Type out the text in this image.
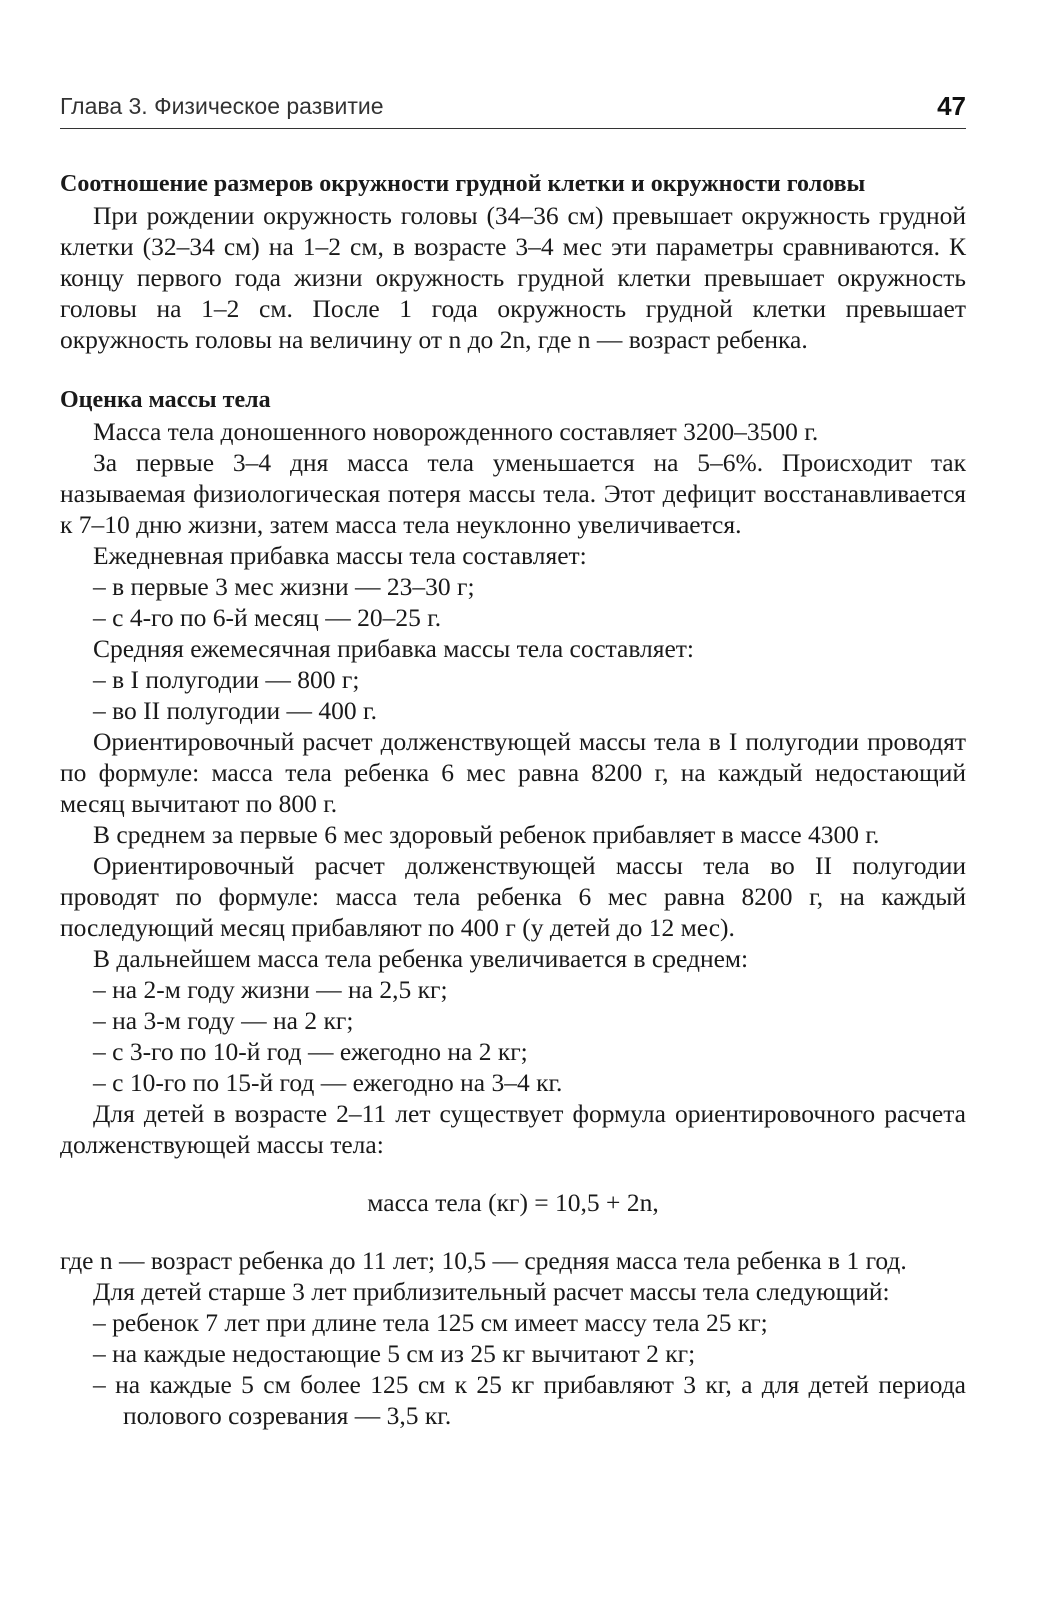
Глава 3. Физическое развитие	47
Соотношение размеров окружности грудной клетки и окружности головы

При рождении окружность головы (34–36 см) превышает окружность грудной клетки (32–34 см) на 1–2 см, в возрасте 3–4 мес эти параметры сравниваются. К концу первого года жизни окружность грудной клетки превышает окружность головы на 1–2 см. После 1 года окружность грудной клетки превышает окружность головы на величину от n до 2n, где n — возраст ребенка.

Оценка массы тела

Масса тела доношенного новорожденного составляет 3200–3500 г.

За первые 3–4 дня масса тела уменьшается на 5–6%. Происходит так называемая физиологическая потеря массы тела. Этот дефицит восстанавливается к 7–10 дню жизни, затем масса тела неуклонно увеличивается.

Ежедневная прибавка массы тела составляет:

– в первые 3 мес жизни — 23–30 г;

– с 4-го по 6-й месяц — 20–25 г.

Средняя ежемесячная прибавка массы тела составляет:

– в I полугодии — 800 г;

– во II полугодии — 400 г.

Ориентировочный расчет долженствующей массы тела в I полугодии проводят по формуле: масса тела ребенка 6 мес равна 8200 г, на каждый недостающий месяц вычитают по 800 г.

В среднем за первые 6 мес здоровый ребенок прибавляет в массе 4300 г.

Ориентировочный расчет долженствующей массы тела во II полугодии проводят по формуле: масса тела ребенка 6 мес равна 8200 г, на каждый последующий месяц прибавляют по 400 г (у детей до 12 мес).

В дальнейшем масса тела ребенка увеличивается в среднем:

– на 2-м году жизни — на 2,5 кг;

– на 3-м году — на 2 кг;

– с 3-го по 10-й год — ежегодно на 2 кг;

– с 10-го по 15-й год — ежегодно на 3–4 кг.

Для детей в возрасте 2–11 лет существует формула ориентировочного расчета долженствующей массы тела:

масса тела (кг) = 10,5 + 2n,

где n — возраст ребенка до 11 лет; 10,5 — средняя масса тела ребенка в 1 год.

Для детей старше 3 лет приблизительный расчет массы тела следующий:

– ребенок 7 лет при длине тела 125 см имеет массу тела 25 кг;

– на каждые недостающие 5 см из 25 кг вычитают 2 кг;

– на каждые 5 см более 125 см к 25 кг прибавляют 3 кг, а для детей периода полового созревания — 3,5 кг.
